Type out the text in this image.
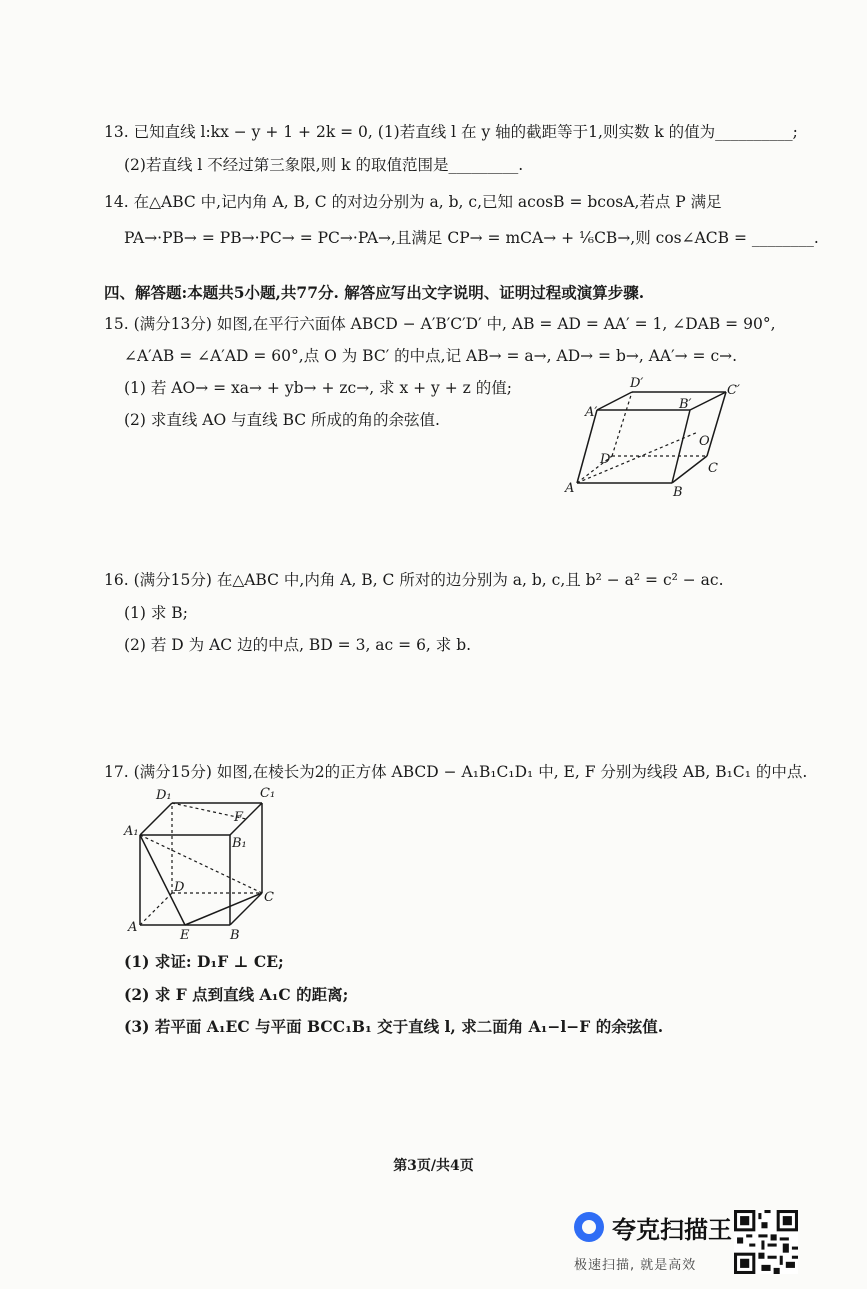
13. 已知直线 l:kx − y + 1 + 2k = 0, (1)若直线 l 在 y 轴的截距等于1,则实数 k 的值为__________;
(2)若直线 l 不经过第三象限,则 k 的取值范围是_________.
14. 在△ABC 中,记内角 A, B, C 的对边分别为 a, b, c,已知 acosB = bcosA,若点 P 满足
PA→·PB→ = PB→·PC→ = PC→·PA→,且满足 CP→ = mCA→ + ¹⁄₆CB→,则 cos∠ACB = ________.
四、解答题:本题共5小题,共77分. 解答应写出文字说明、证明过程或演算步骤.
15. (满分13分) 如图,在平行六面体 ABCD − A′B′C′D′ 中, AB = AD = AA′ = 1, ∠DAB = 90°,
∠A′AB = ∠A′AD = 60°,点 O 为 BC′ 的中点,记 AB→ = a→, AD→ = b→, AA′→ = c→.
(1) 若 AO→ = xa→ + yb→ + zc→, 求 x + y + z 的值;
(2) 求直线 AO 与直线 BC 所成的角的余弦值.
A	B
C
D
A′
B′
C′
D′
O
16. (满分15分) 在△ABC 中,内角 A, B, C 所对的边分别为 a, b, c,且 b² − a² = c² − ac.
(1) 求 B;
(2) 若 D 为 AC 边的中点, BD = 3, ac = 6, 求 b.
17. (满分15分) 如图,在棱长为2的正方体 ABCD − A₁B₁C₁D₁ 中, E, F 分别为线段 AB, B₁C₁ 的中点.
A
B
C
D
A₁
B₁
C₁
D₁
E
F
(1) 求证: D₁F ⊥ CE;
(2) 求 F 点到直线 A₁C 的距离;
(3) 若平面 A₁EC 与平面 BCC₁B₁ 交于直线 l, 求二面角 A₁−l−F 的余弦值.
第3页/共4页
夸克扫描王
极速扫描, 就是高效
